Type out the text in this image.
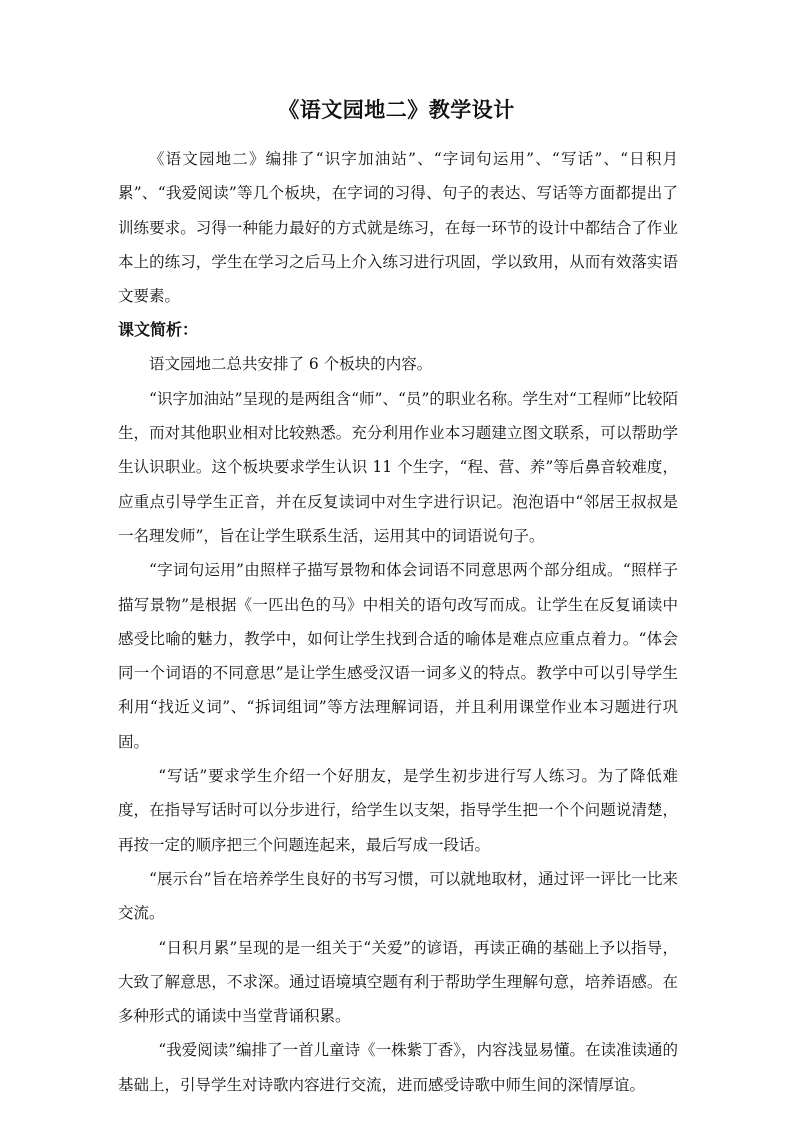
《语文园地二》教学设计

《语文园地二》编排了“识字加油站”、“字词句运用”、“写话”、“日积月累”、“我爱阅读”等几个板块，在字词的习得、句子的表达、写话等方面都提出了训练要求。习得一种能力最好的方式就是练习，在每一环节的设计中都结合了作业本上的练习，学生在学习之后马上介入练习进行巩固，学以致用，从而有效落实语文要素。

课文简析：

语文园地二总共安排了 6 个板块的内容。

“识字加油站”呈现的是两组含“师”、“员”的职业名称。学生对“工程师”比较陌生，而对其他职业相对比较熟悉。充分利用作业本习题建立图文联系，可以帮助学生认识职业。这个板块要求学生认识 11 个生字，“程、营、养”等后鼻音较难度，应重点引导学生正音，并在反复读词中对生字进行识记。泡泡语中“邻居王叔叔是一名理发师”，旨在让学生联系生活，运用其中的词语说句子。

“字词句运用”由照样子描写景物和体会词语不同意思两个部分组成。“照样子描写景物”是根据《一匹出色的马》中相关的语句改写而成。让学生在反复诵读中感受比喻的魅力，教学中，如何让学生找到合适的喻体是难点应重点着力。“体会同一个词语的不同意思”是让学生感受汉语一词多义的特点。教学中可以引导学生利用“找近义词”、“拆词组词”等方法理解词语，并且利用课堂作业本习题进行巩固。

“写话”要求学生介绍一个好朋友，是学生初步进行写人练习。为了降低难度，在指导写话时可以分步进行，给学生以支架，指导学生把一个个问题说清楚，再按一定的顺序把三个问题连起来，最后写成一段话。

“展示台”旨在培养学生良好的书写习惯，可以就地取材，通过评一评比一比来交流。

“日积月累”呈现的是一组关于“关爱”的谚语，再读正确的基础上予以指导，大致了解意思，不求深。通过语境填空题有利于帮助学生理解句意，培养语感。在多种形式的诵读中当堂背诵积累。

“我爱阅读”编排了一首儿童诗《一株紫丁香》，内容浅显易懂。在读准读通的基础上，引导学生对诗歌内容进行交流，进而感受诗歌中师生间的深情厚谊。
